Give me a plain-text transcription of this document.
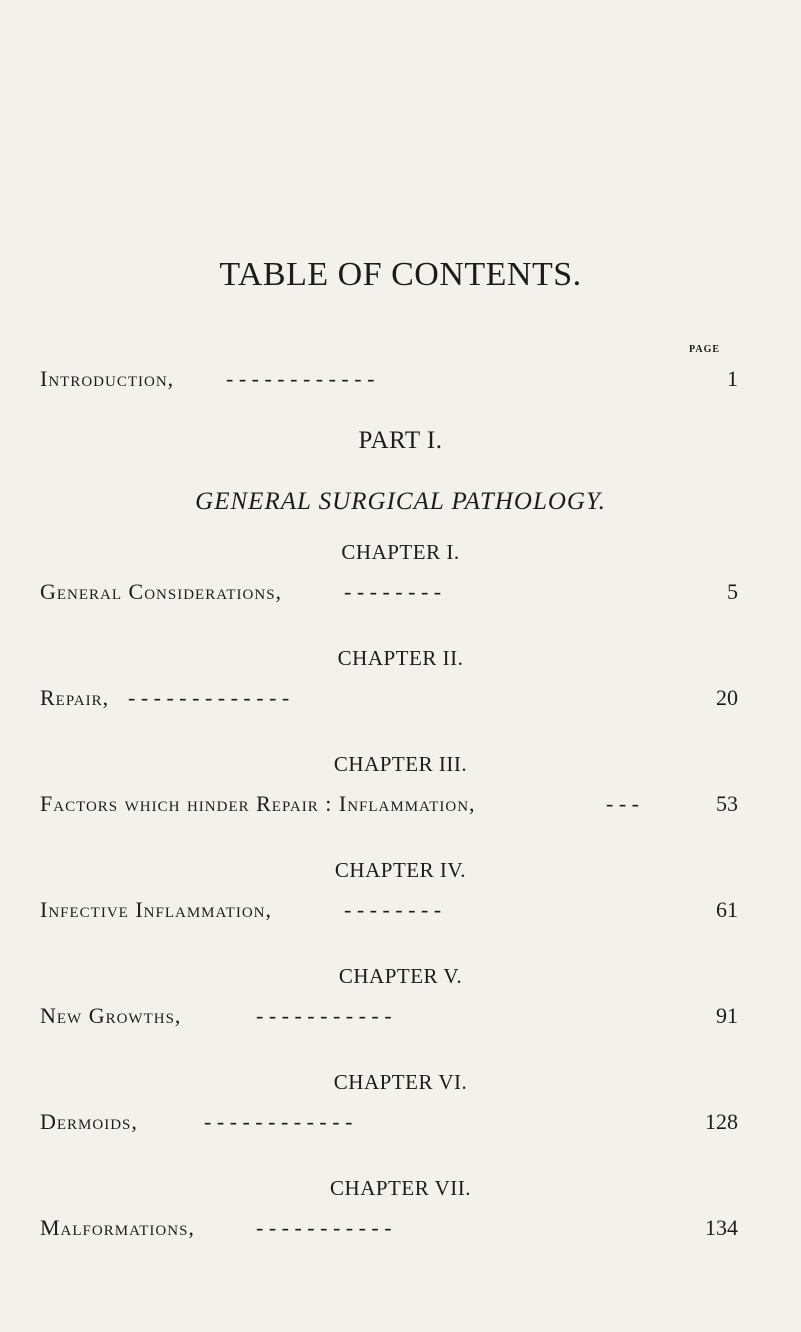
TABLE OF CONTENTS.
PAGE
Introduction, - - - - - - - - - - - -	1
PART I.
GENERAL SURGICAL PATHOLOGY.
CHAPTER I.
General Considerations,	- - - - - - - -	5
CHAPTER II.
Repair, - - - - - - - - - - - - -	20
CHAPTER III.
Factors which hinder Repair : Inflammation,	- - -	53
CHAPTER IV.
Infective Inflammation,	- - - - - - - -	61
CHAPTER V.
New Growths,	- - - - - - - - - - -	91
CHAPTER VI.
Dermoids,	- - - - - - - - - - - -	128
CHAPTER VII.
Malformations,	- - - - - - - - - - -	134
